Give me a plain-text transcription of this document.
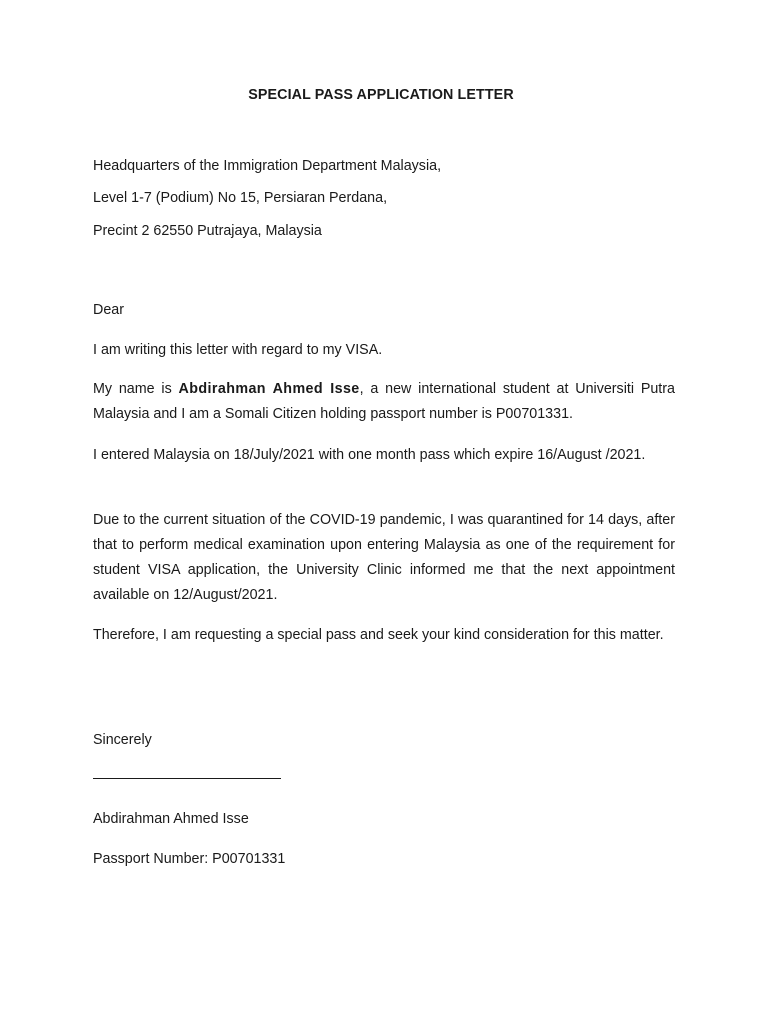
SPECIAL PASS APPLICATION LETTER
Headquarters of the Immigration Department Malaysia,
Level 1-7 (Podium) No 15, Persiaran Perdana,
Precint 2 62550 Putrajaya, Malaysia
Dear
I am writing this letter with regard to my VISA.
My name is Abdirahman Ahmed Isse, a new international student at Universiti Putra Malaysia and I am a Somali Citizen holding passport number is P00701331.
I entered Malaysia on 18/July/2021 with one month pass which expire 16/August /2021.
Due to the current situation of the COVID-19 pandemic, I was quarantined for 14 days, after that to perform medical examination upon entering Malaysia as one of the requirement for student VISA application, the University Clinic informed me that the next appointment available on 12/August/2021.
Therefore, I am requesting a special pass and seek your kind consideration for this matter.
Sincerely
Abdirahman Ahmed Isse
Passport Number: P00701331
